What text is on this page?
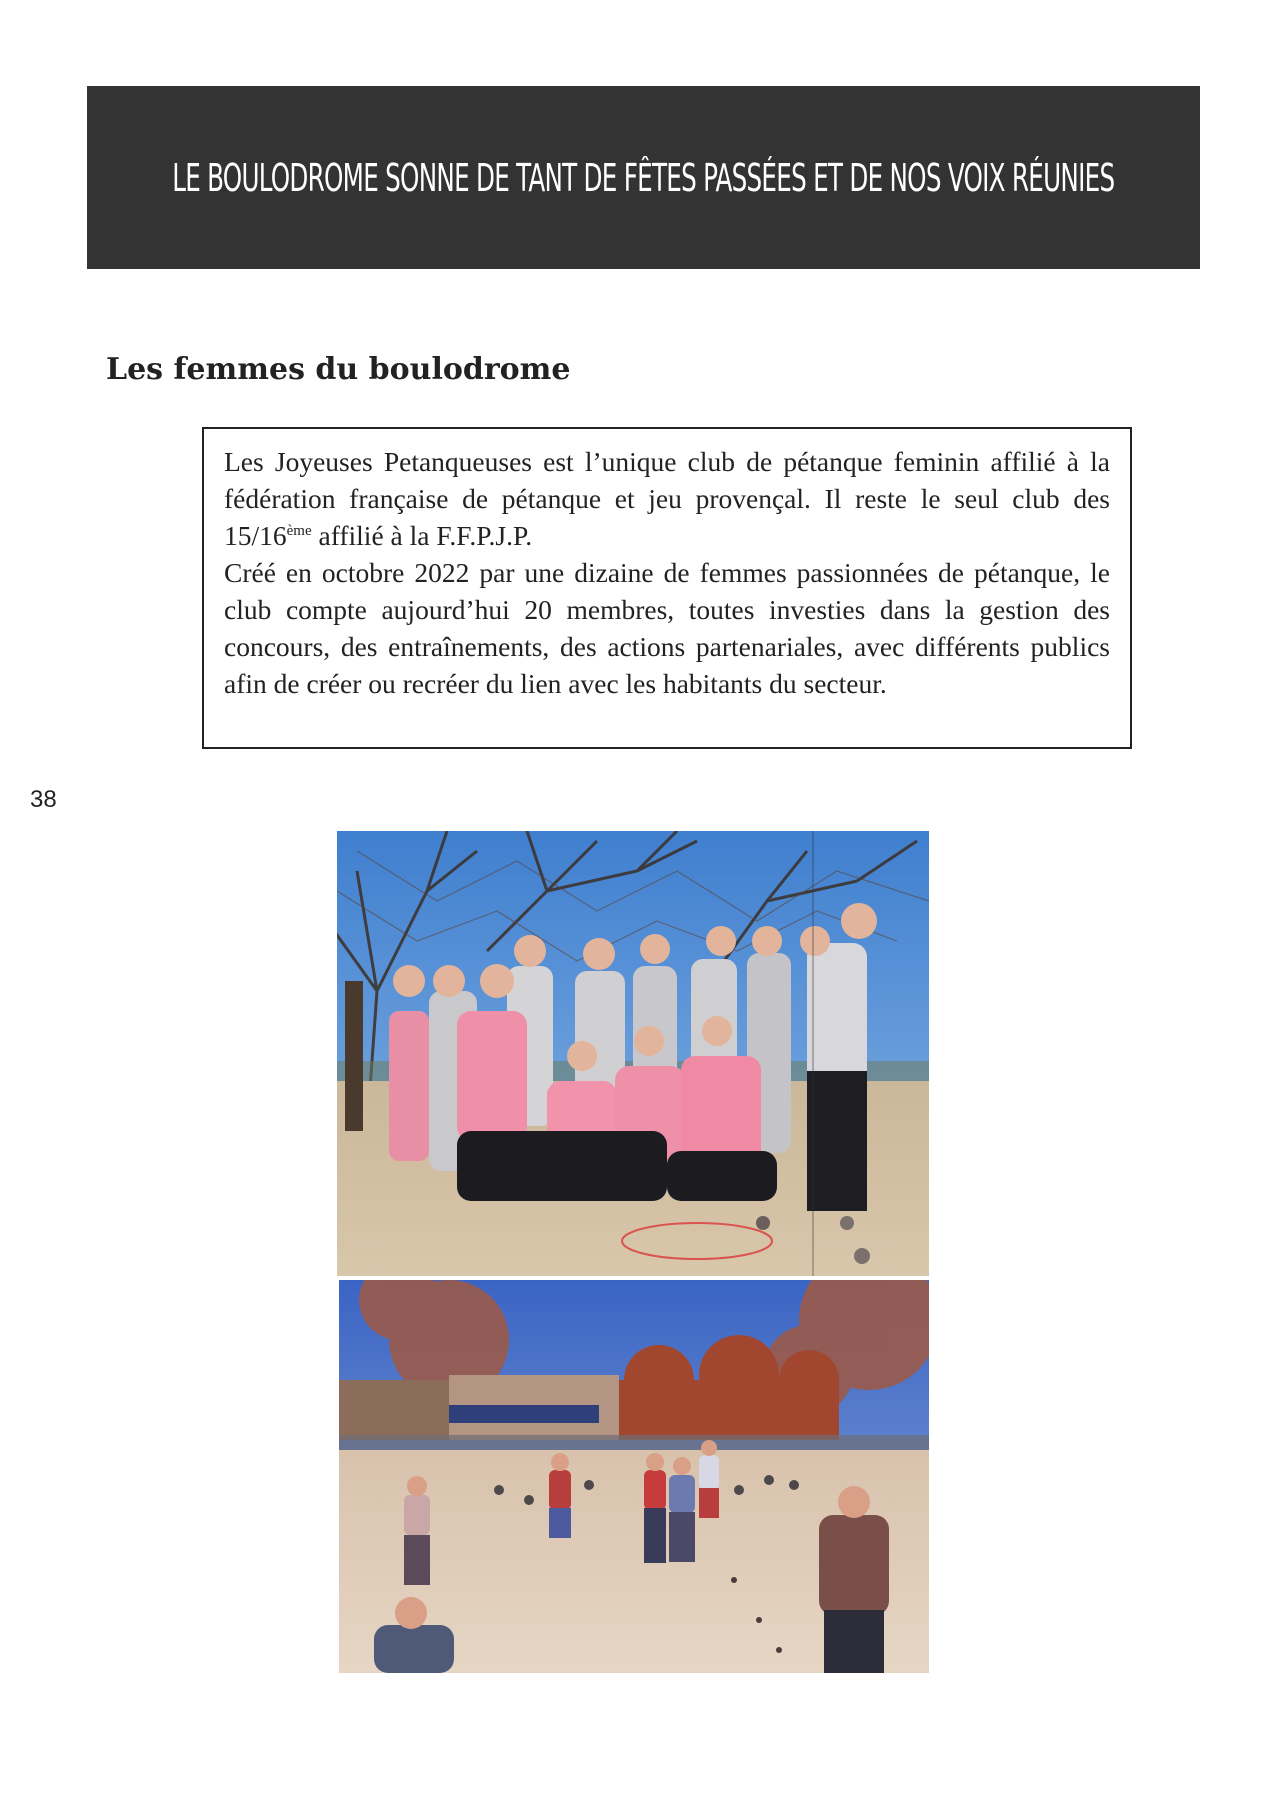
LE BOULODROME SONNE DE TANT DE FÊTES PASSÉES ET DE NOS VOIX RÉUNIES
Les femmes du boulodrome

Les Joyeuses Petanqueuses est l’unique club de pétanque feminin affilié à la fédération française de pétanque et jeu provençal. Il reste le seul club des 15/16ème affilié à la F.F.P.J.P.

Créé en octobre 2022 par une dizaine de femmes passionnées de pétanque, le club compte aujourd’hui 20 membres, toutes investies dans la gestion des concours, des entraînements, des actions partenariales, avec différents publics afin de créer ou recréer du lien avec les habitants du secteur.

38
